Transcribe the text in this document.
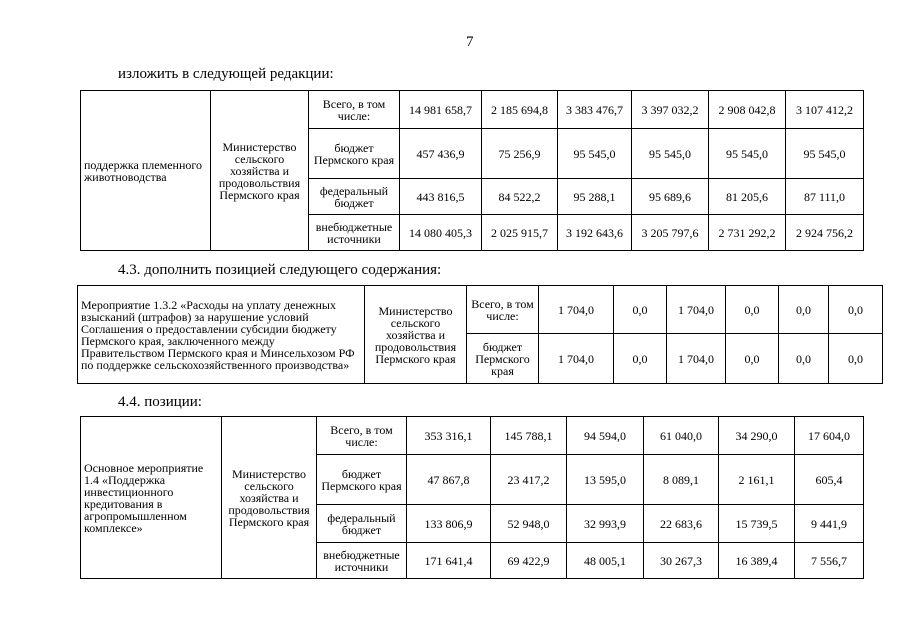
7
изложить в следующей редакции:
поддержка племенного животноводства	Министерство сельского хозяйства и продовольствия Пермского края	Всего, в том числе:	14 981 658,7	2 185 694,8	3 383 476,7	3 397 032,2	2 908 042,8	3 107 412,2
		бюджет Пермского края	457 436,9	75 256,9	95 545,0	95 545,0	95 545,0	95 545,0
		федеральный бюджет	443 816,5	84 522,2	95 288,1	95 689,6	81 205,6	87 111,0
		внебюджетные источники	14 080 405,3	2 025 915,7	3 192 643,6	3 205 797,6	2 731 292,2	2 924 756,2
4.3. дополнить позицией следующего содержания:
Мероприятие 1.3.2 «Расходы на уплату денежных взысканий (штрафов) за нарушение условий Соглашения о предоставлении субсидии бюджету Пермского края, заключенного между Правительством Пермского края и Минсельхозом РФ по поддержке сельскохозяйственного производства»	Министерство сельского хозяйства и продовольствия Пермского края	Всего, в том числе:	1 704,0	0,0	1 704,0	0,0	0,0	0,0
		бюджет Пермского края	1 704,0	0,0	1 704,0	0,0	0,0	0,0
4.4. позиции:
Основное мероприятие 1.4 «Поддержка инвестиционного кредитования в агропромышленном комплексе»	Министерство сельского хозяйства и продовольствия Пермского края	Всего, в том числе:	353 316,1	145 788,1	94 594,0	61 040,0	34 290,0	17 604,0
		бюджет Пермского края	47 867,8	23 417,2	13 595,0	8 089,1	2 161,1	605,4
		федеральный бюджет	133 806,9	52 948,0	32 993,9	22 683,6	15 739,5	9 441,9
		внебюджетные источники	171 641,4	69 422,9	48 005,1	30 267,3	16 389,4	7 556,7
